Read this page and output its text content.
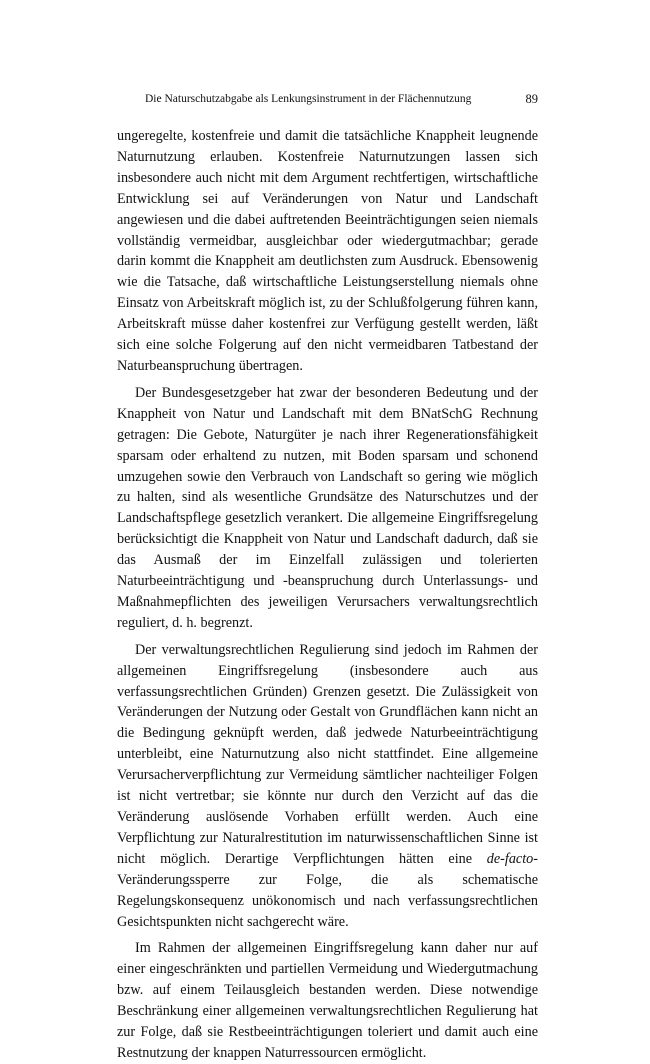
Die Naturschutzabgabe als Lenkungsinstrument in der Flächennutzung	89

ungeregelte, kostenfreie und damit die tatsächliche Knappheit leugnende Naturnutzung erlauben. Kostenfreie Naturnutzungen lassen sich insbesondere auch nicht mit dem Argument rechtfertigen, wirtschaftliche Entwicklung sei auf Veränderungen von Natur und Landschaft angewiesen und die dabei auftretenden Beeinträchtigungen seien niemals vollständig vermeidbar, ausgleichbar oder wiedergutmachbar; gerade darin kommt die Knappheit am deutlichsten zum Ausdruck. Ebensowenig wie die Tatsache, daß wirtschaftliche Leistungserstellung niemals ohne Einsatz von Arbeitskraft möglich ist, zu der Schlußfolgerung führen kann, Arbeitskraft müsse daher kostenfrei zur Verfügung gestellt werden, läßt sich eine solche Folgerung auf den nicht vermeidbaren Tatbestand der Naturbeanspruchung übertragen.

Der Bundesgesetzgeber hat zwar der besonderen Bedeutung und der Knappheit von Natur und Landschaft mit dem BNatSchG Rechnung getragen: Die Gebote, Naturgüter je nach ihrer Regenerationsfähigkeit sparsam oder erhaltend zu nutzen, mit Boden sparsam und schonend umzugehen sowie den Verbrauch von Landschaft so gering wie möglich zu halten, sind als wesentliche Grundsätze des Naturschutzes und der Landschaftspflege gesetzlich verankert. Die allgemeine Eingriffsregelung berücksichtigt die Knappheit von Natur und Landschaft dadurch, daß sie das Ausmaß der im Einzelfall zulässigen und tolerierten Naturbeeinträchtigung und -beanspruchung durch Unterlassungs- und Maßnahmepflichten des jeweiligen Verursachers verwaltungsrechtlich reguliert, d. h. begrenzt.

Der verwaltungsrechtlichen Regulierung sind jedoch im Rahmen der allgemeinen Eingriffsregelung (insbesondere auch aus verfassungsrechtlichen Gründen) Grenzen gesetzt. Die Zulässigkeit von Veränderungen der Nutzung oder Gestalt von Grundflächen kann nicht an die Bedingung geknüpft werden, daß jedwede Naturbeeinträchtigung unterbleibt, eine Naturnutzung also nicht stattfindet. Eine allgemeine Verursacherverpflichtung zur Vermeidung sämtlicher nachteiliger Folgen ist nicht vertretbar; sie könnte nur durch den Verzicht auf das die Veränderung auslösende Vorhaben erfüllt werden. Auch eine Verpflichtung zur Naturalrestitution im naturwissenschaftlichen Sinne ist nicht möglich. Derartige Verpflichtungen hätten eine de-facto-Veränderungssperre zur Folge, die als schematische Regelungskonsequenz unökonomisch und nach verfassungsrechtlichen Gesichtspunkten nicht sachgerecht wäre.

Im Rahmen der allgemeinen Eingriffsregelung kann daher nur auf einer eingeschränkten und partiellen Vermeidung und Wiedergutmachung bzw. auf einem Teilausgleich bestanden werden. Diese notwendige Beschränkung einer allgemeinen verwaltungsrechtlichen Regulierung hat zur Folge, daß sie Restbeeinträchtigungen toleriert und damit auch eine Restnutzung der knappen Naturressourcen ermöglicht.
